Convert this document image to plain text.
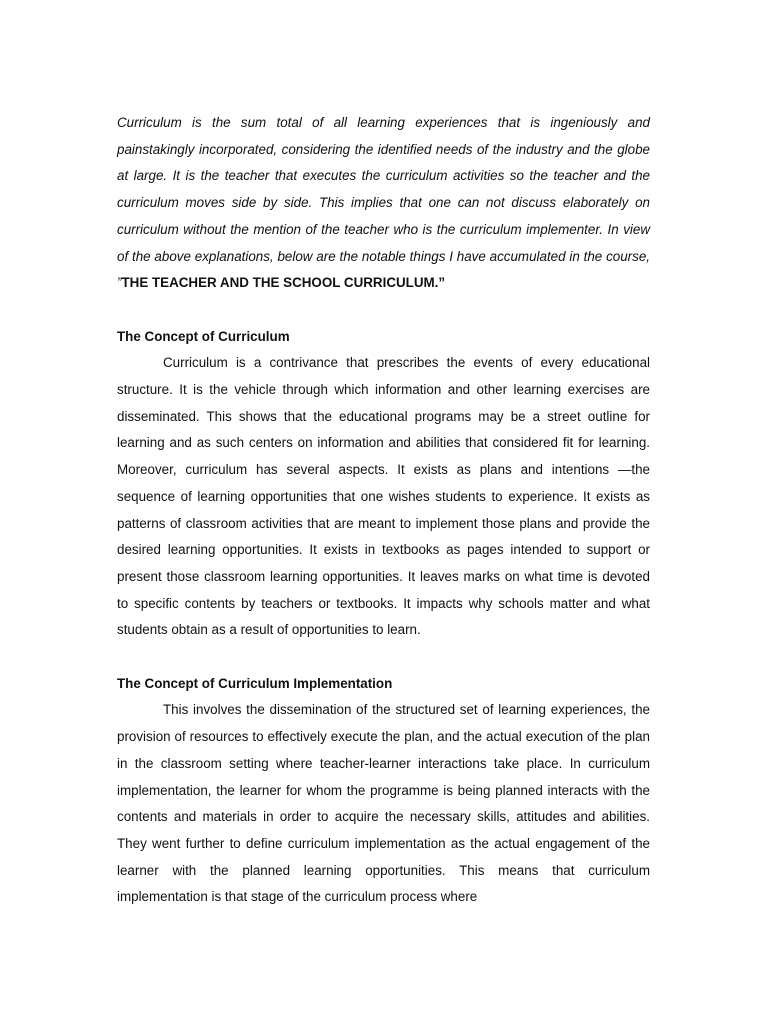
Curriculum is the sum total of all learning experiences that is ingeniously and painstakingly incorporated, considering the identified needs of the industry and the globe at large. It is the teacher that executes the curriculum activities so the teacher and the curriculum moves side by side. This implies that one can not discuss elaborately on curriculum without the mention of the teacher who is the curriculum implementer. In view of the above explanations, below are the notable things I have accumulated in the course, ”THE TEACHER AND THE SCHOOL CURRICULUM.”

The Concept of Curriculum

Curriculum is a contrivance that prescribes the events of every educational structure. It is the vehicle through which information and other learning exercises are disseminated. This shows that the educational programs may be a street outline for learning and as such centers on information and abilities that considered fit for learning. Moreover, curriculum has several aspects. It exists as plans and intentions —the sequence of learning opportunities that one wishes students to experience. It exists as patterns of classroom activities that are meant to implement those plans and provide the desired learning opportunities. It exists in textbooks as pages intended to support or present those classroom learning opportunities. It leaves marks on what time is devoted to specific contents by teachers or textbooks. It impacts why schools matter and what students obtain as a result of opportunities to learn.

The Concept of Curriculum Implementation

This involves the dissemination of the structured set of learning experiences, the provision of resources to effectively execute the plan, and the actual execution of the plan in the classroom setting where teacher-learner interactions take place. In curriculum implementation, the learner for whom the programme is being planned interacts with the contents and materials in order to acquire the necessary skills, attitudes and abilities. They went further to define curriculum implementation as the actual engagement of the learner with the planned learning opportunities. This means that curriculum implementation is that stage of the curriculum process where
